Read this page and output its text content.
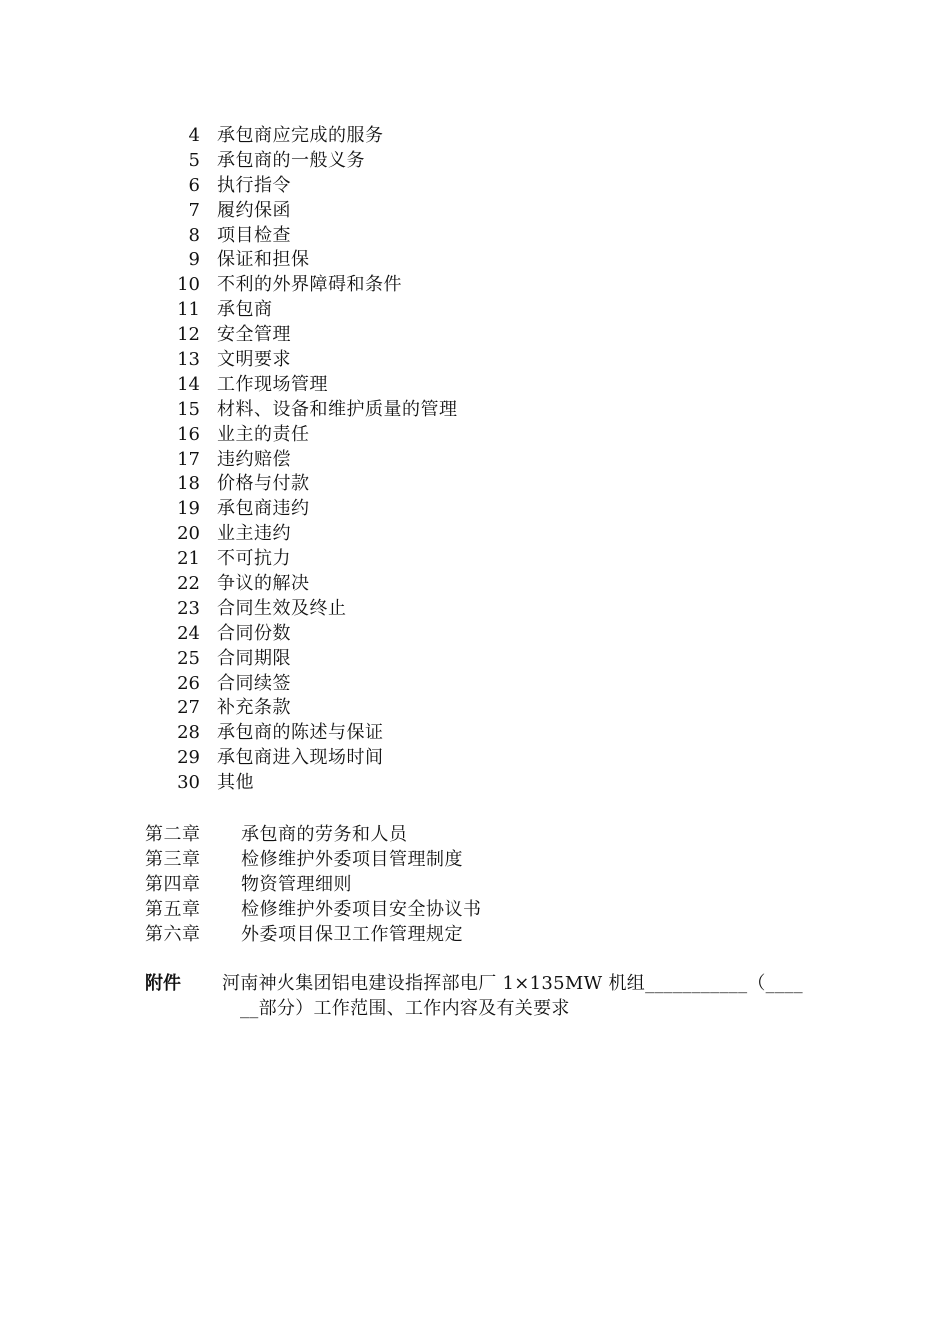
4 承包商应完成的服务
5 承包商的一般义务
6 执行指令
7 履约保函
8 项目检查
9 保证和担保
10 不利的外界障碍和条件
11 承包商
12 安全管理
13 文明要求
14 工作现场管理
15 材料、设备和维护质量的管理
16 业主的责任
17 违约赔偿
18 价格与付款
19 承包商违约
20 业主违约
21 不可抗力
22 争议的解决
23 合同生效及终止
24 合同份数
25 合同期限
26 合同续签
27 补充条款
28 承包商的陈述与保证
29 承包商进入现场时间
30 其他
第二章 承包商的劳务和人员
第三章 检修维护外委项目管理制度
第四章 物资管理细则
第五章 检修维护外委项目安全协议书
第六章 外委项目保卫工作管理规定
附件 河南神火集团铝电建设指挥部电厂 1×135MW 机组___________（____
__部分）工作范围、工作内容及有关要求
